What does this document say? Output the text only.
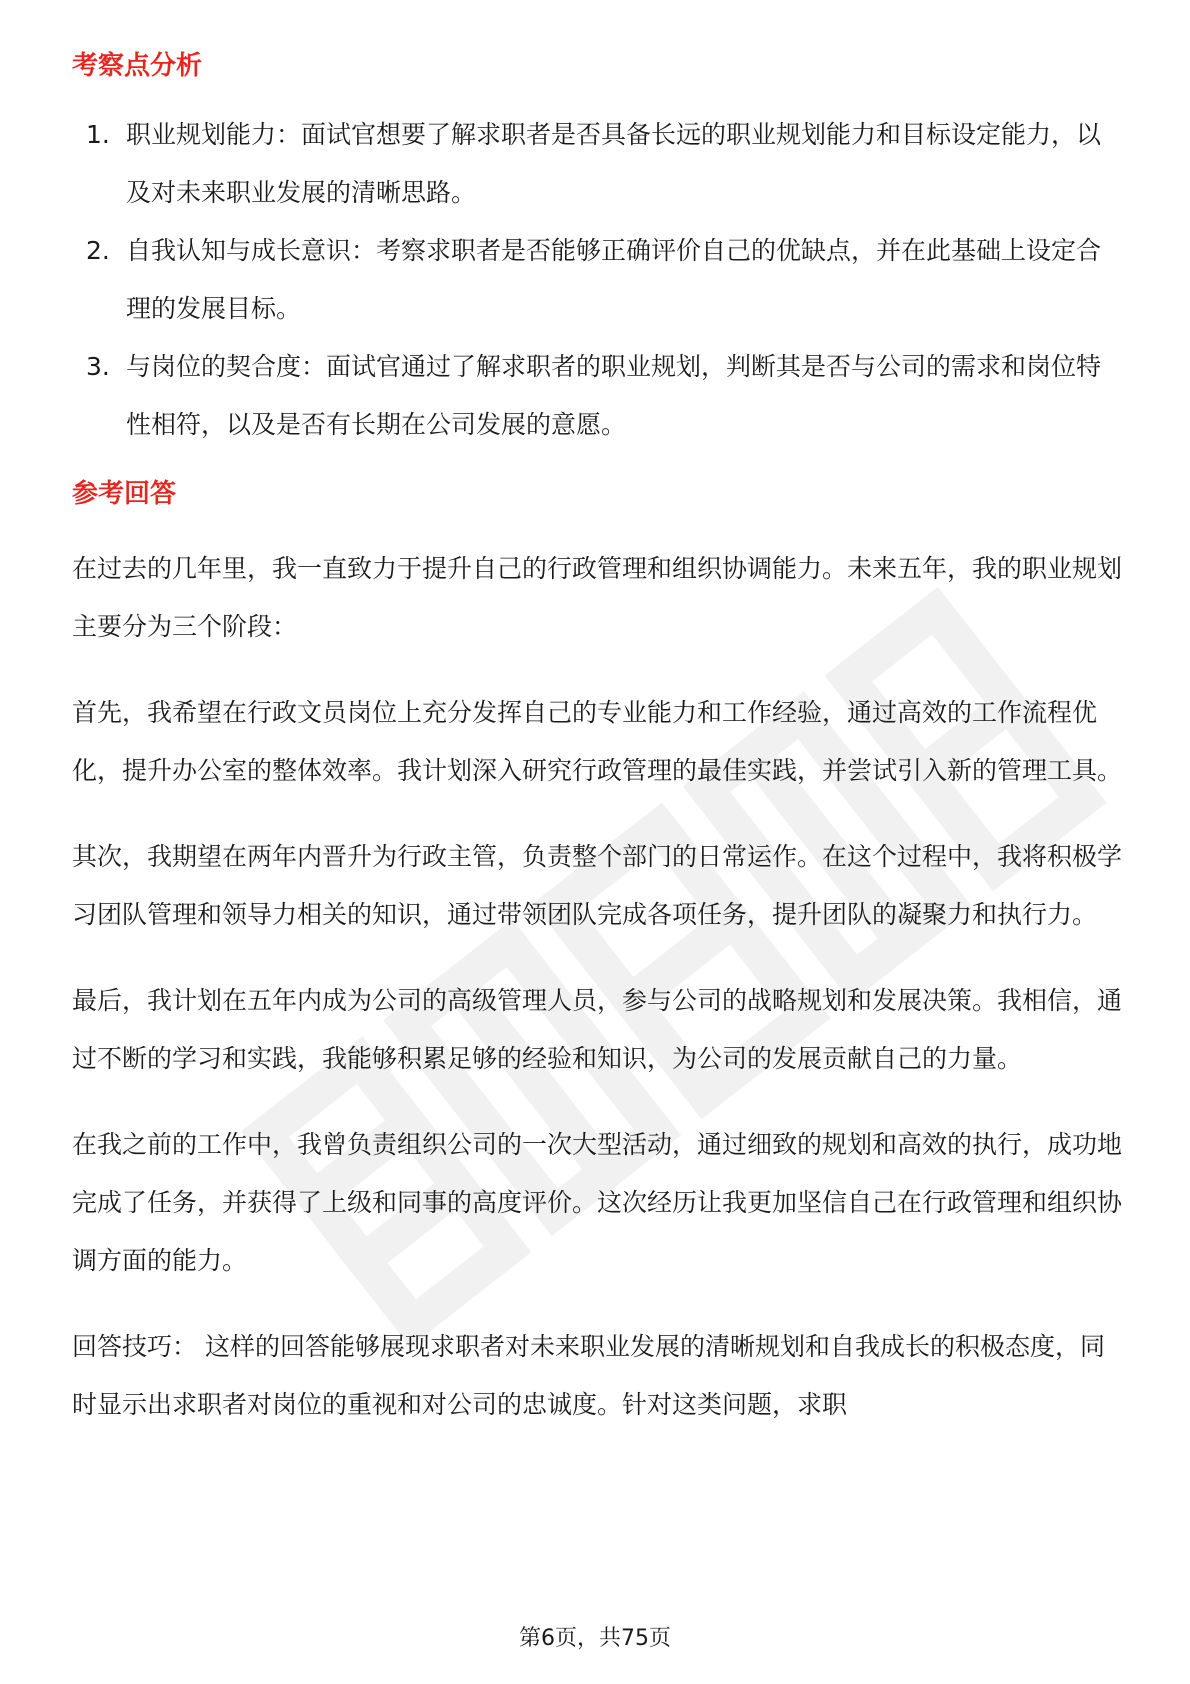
考察点分析
1. 职业规划能力：面试官想要了解求职者是否具备长远的职业规划能力和目标设定能力，以及对未来职业发展的清晰思路。
2. 自我认知与成长意识：考察求职者是否能够正确评价自己的优缺点，并在此基础上设定合理的发展目标。
3. 与岗位的契合度：面试官通过了解求职者的职业规划，判断其是否与公司的需求和岗位特性相符，以及是否有长期在公司发展的意愿。
参考回答

在过去的几年里，我一直致力于提升自己的行政管理和组织协调能力。未来五年，我的职业规划主要分为三个阶段：

首先，我希望在行政文员岗位上充分发挥自己的专业能力和工作经验，通过高效的工作流程优化，提升办公室的整体效率。我计划深入研究行政管理的最佳实践，并尝试引入新的管理工具。

其次，我期望在两年内晋升为行政主管，负责整个部门的日常运作。在这个过程中，我将积极学习团队管理和领导力相关的知识，通过带领团队完成各项任务，提升团队的凝聚力和执行力。

最后，我计划在五年内成为公司的高级管理人员，参与公司的战略规划和发展决策。我相信，通过不断的学习和实践，我能够积累足够的经验和知识，为公司的发展贡献自己的力量。

在我之前的工作中，我曾负责组织公司的一次大型活动，通过细致的规划和高效的执行，成功地完成了任务，并获得了上级和同事的高度评价。这次经历让我更加坚信自己在行政管理和组织协调方面的能力。

回答技巧： 这样的回答能够展现求职者对未来职业发展的清晰规划和自我成长的积极态度，同时显示出求职者对岗位的重视和对公司的忠诚度。针对这类问题，求职

第6页，共75页
